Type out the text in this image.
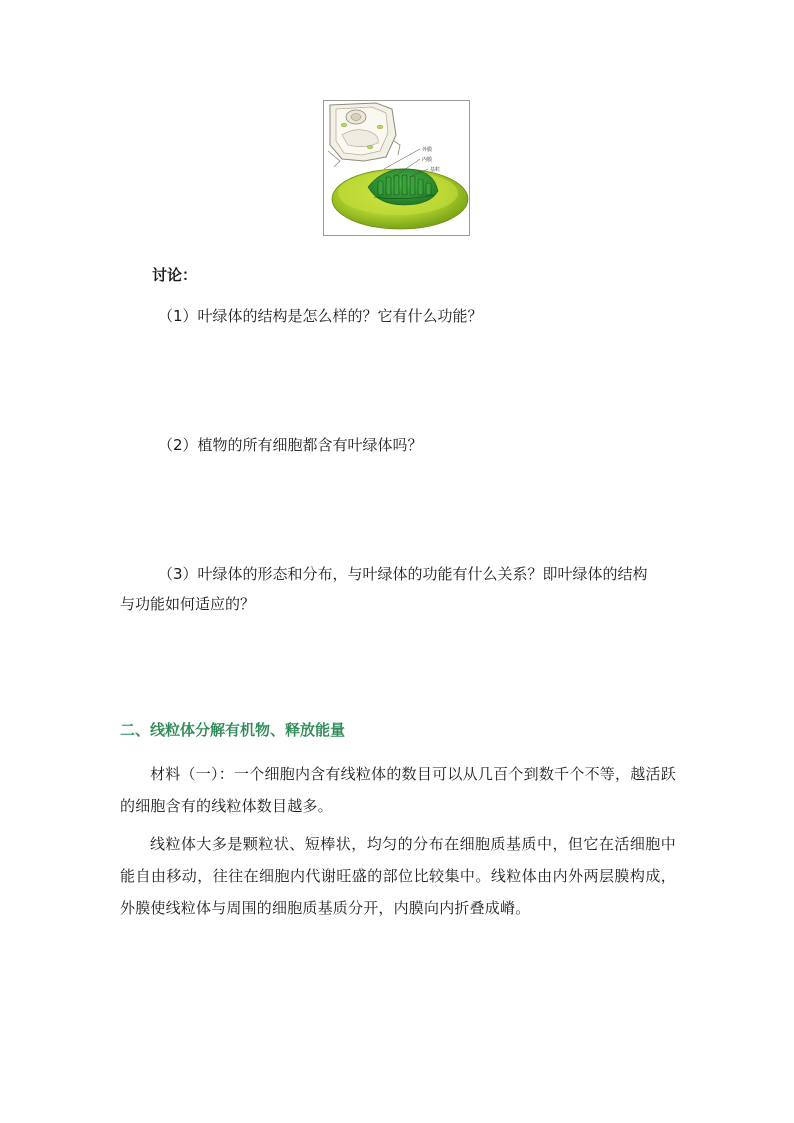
外膜
内膜
基粒
讨论：
（1）叶绿体的结构是怎么样的？它有什么功能？
（2）植物的所有细胞都含有叶绿体吗？
（3）叶绿体的形态和分布，与叶绿体的功能有什么关系？即叶绿体的结构
与功能如何适应的？
二、线粒体分解有机物、释放能量
材料（一）：一个细胞内含有线粒体的数目可以从几百个到数千个不等，越活跃的细胞含有的线粒体数目越多。
线粒体大多是颗粒状、短棒状，均匀的分布在细胞质基质中，但它在活细胞中能自由移动，往往在细胞内代谢旺盛的部位比较集中。线粒体由内外两层膜构成，外膜使线粒体与周围的细胞质基质分开，内膜向内折叠成嵴。
